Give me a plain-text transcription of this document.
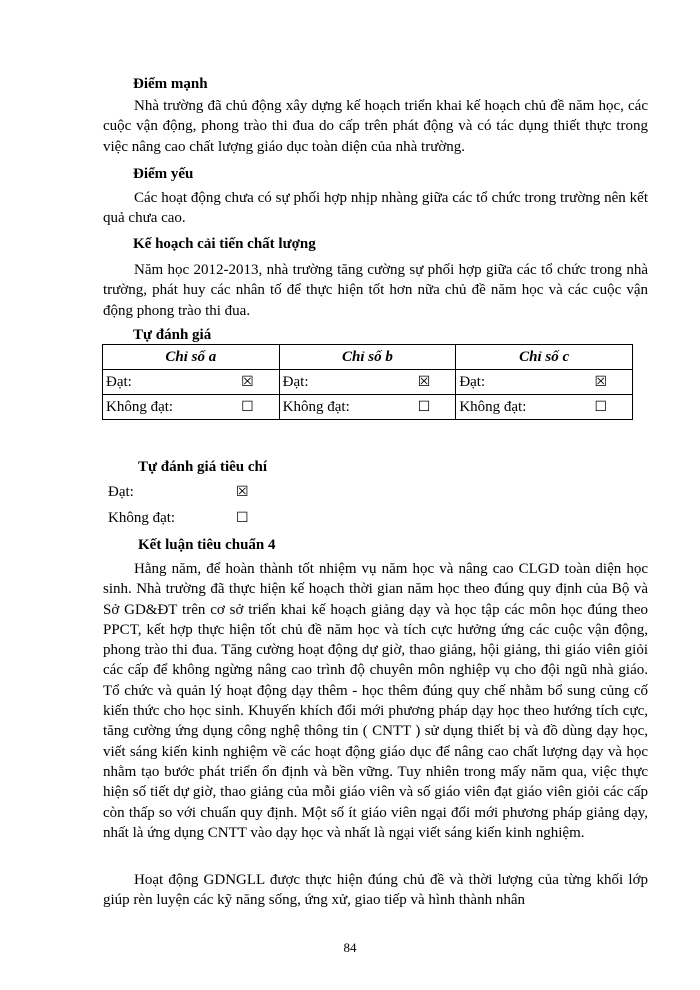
Điểm mạnh
Nhà trường đã chủ động xây dựng kế hoạch triển khai kế hoạch chủ đề năm học, các cuộc vận động, phong trào thi đua do cấp trên phát động và có tác dụng thiết thực trong việc nâng cao chất lượng giáo dục toàn diện của nhà trường.
Điểm yếu
Các hoạt động chưa có sự phối hợp nhịp nhàng giữa các tổ chức trong trường nên kết quả chưa cao.
Kế hoạch cải tiến chất lượng
Năm học 2012-2013, nhà trường tăng cường sự phối hợp giữa các tổ chức trong nhà trường, phát huy các nhân tố để thực hiện tốt hơn nữa chủ đề năm học và các cuộc vận động phong trào thi đua.
Tự đánh giá
Chỉ số a	Chỉ số b	Chỉ số c

Đạt: ☒	Đạt: ☒	Đạt: ☒

Không đạt: ☐	Không đạt: ☐	Không đạt: ☐
Tự đánh giá tiêu chí
Đạt:	☒
Không đạt:	☐
Kết luận tiêu chuẩn 4
Hằng năm, để hoàn thành tốt nhiệm vụ năm học và nâng cao CLGD toàn diện học sinh. Nhà trường đã thực hiện kế hoạch thời gian năm học theo đúng quy định của Bộ và Sở GD&ĐT trên cơ sở triển khai kế hoạch giảng dạy và học tập các môn học đúng theo PPCT, kết hợp thực hiện tốt chủ đề năm học và tích cực hưởng ứng các cuộc vận động, phong trào thi đua. Tăng cường hoạt động dự giờ, thao giảng, hội giảng, thi giáo viên giỏi các cấp để không ngừng nâng cao trình độ chuyên môn nghiệp vụ cho đội ngũ nhà giáo. Tổ chức và quản lý hoạt động dạy thêm - học thêm đúng quy chế nhằm bổ sung củng cố kiến thức cho học sinh. Khuyến khích đổi mới phương pháp dạy học theo hướng tích cực, tăng cường ứng dụng công nghệ thông tin ( CNTT ) sử dụng thiết bị và đồ dùng dạy học, viết sáng kiến kinh nghiệm về các hoạt động giáo dục để nâng cao chất lượng dạy và học nhằm tạo bước phát triển ổn định và bền vững. Tuy nhiên trong mấy năm qua, việc thực hiện số tiết dự giờ, thao giảng của mỗi giáo viên và số giáo viên đạt giáo viên giỏi các cấp còn thấp so với chuẩn quy định. Một số ít giáo viên ngại đổi mới phương pháp giảng dạy, nhất là ứng dụng CNTT vào dạy học và nhất là ngại viết sáng kiến kinh nghiệm.
Hoạt động GDNGLL được thực hiện đúng chủ đề và thời lượng của từng khối lớp giúp rèn luyện các kỹ năng sống, ứng xử, giao tiếp và hình thành nhân
84
